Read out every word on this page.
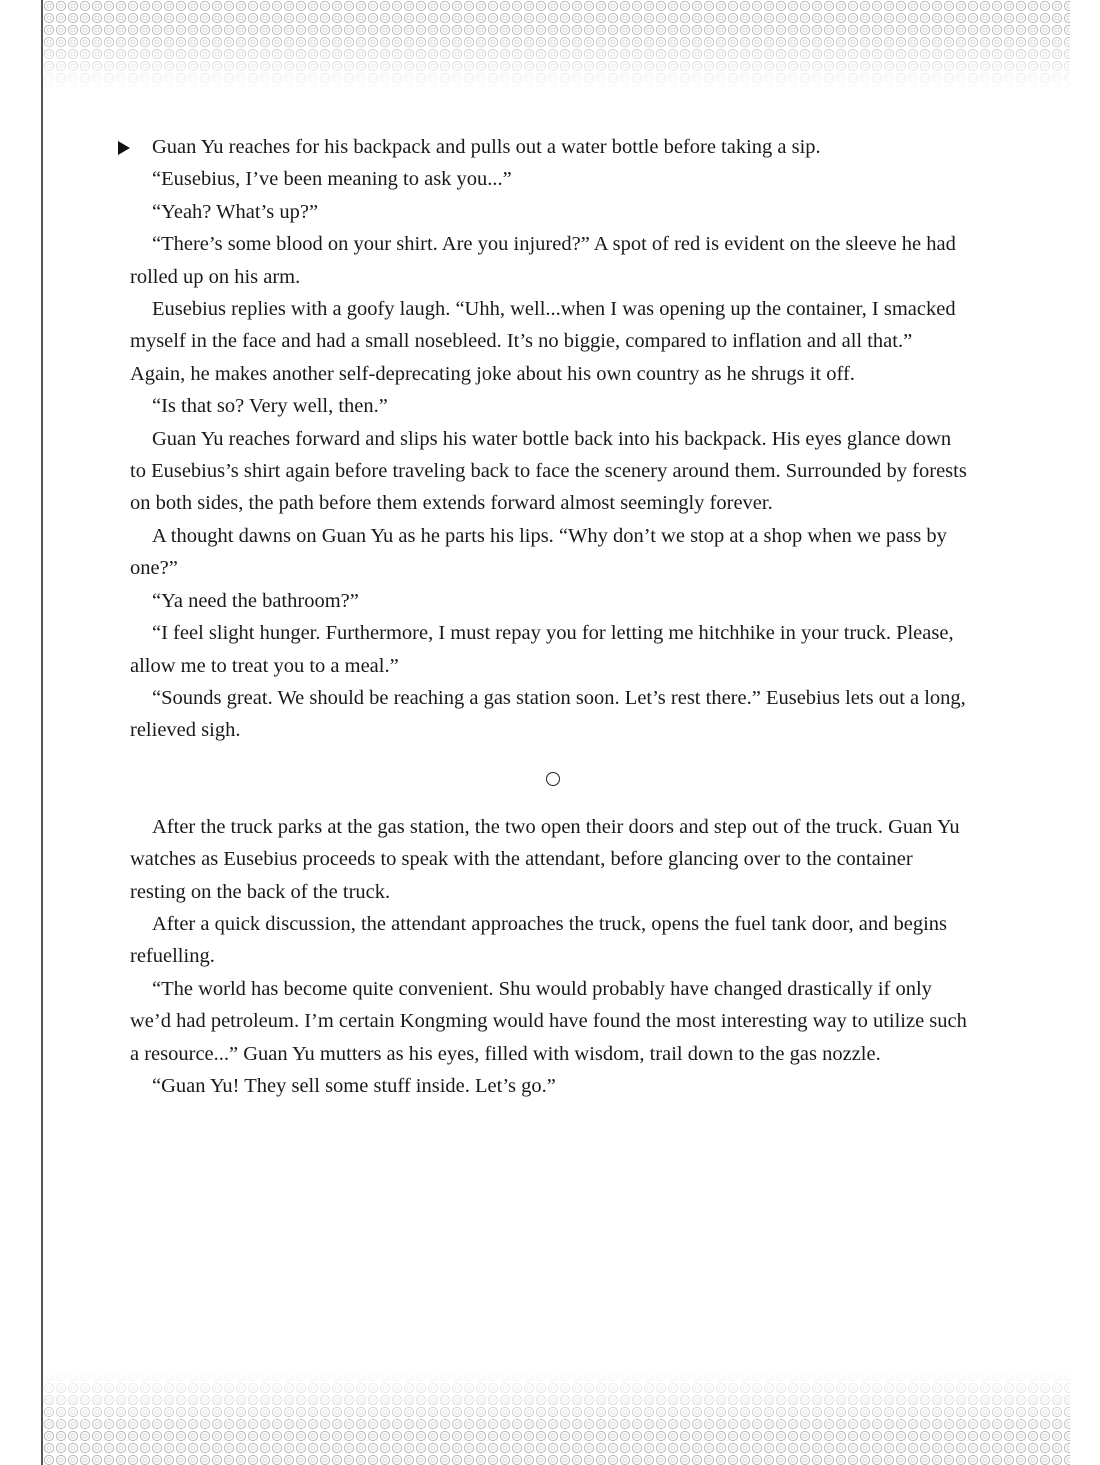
Guan Yu reaches for his backpack and pulls out a water bottle before taking a sip.

“Eusebius, I’ve been meaning to ask you...”

“Yeah? What’s up?”

“There’s some blood on your shirt. Are you injured?” A spot of red is evident on the sleeve he had rolled up on his arm.

Eusebius replies with a goofy laugh. “Uhh, well...when I was opening up the container, I smacked myself in the face and had a small nosebleed. It’s no biggie, compared to inflation and all that.” Again, he makes another self-deprecating joke about his own country as he shrugs it off.

“Is that so? Very well, then.”

Guan Yu reaches forward and slips his water bottle back into his backpack. His eyes glance down to Eusebius’s shirt again before traveling back to face the scenery around them. Surrounded by forests on both sides, the path before them extends forward almost seemingly forever.

A thought dawns on Guan Yu as he parts his lips. “Why don’t we stop at a shop when we pass by one?”

“Ya need the bathroom?”

“I feel slight hunger. Furthermore, I must repay you for letting me hitchhike in your truck. Please, allow me to treat you to a meal.”

“Sounds great. We should be reaching a gas station soon. Let’s rest there.” Eusebius lets out a long, relieved sigh.

After the truck parks at the gas station, the two open their doors and step out of the truck. Guan Yu watches as Eusebius proceeds to speak with the attendant, before glancing over to the container resting on the back of the truck.

After a quick discussion, the attendant approaches the truck, opens the fuel tank door, and begins refuelling.

“The world has become quite convenient. Shu would probably have changed drastically if only we’d had petroleum. I’m certain Kongming would have found the most interesting way to utilize such a resource...” Guan Yu mutters as his eyes, filled with wisdom, trail down to the gas nozzle.

“Guan Yu! They sell some stuff inside. Let’s go.”
